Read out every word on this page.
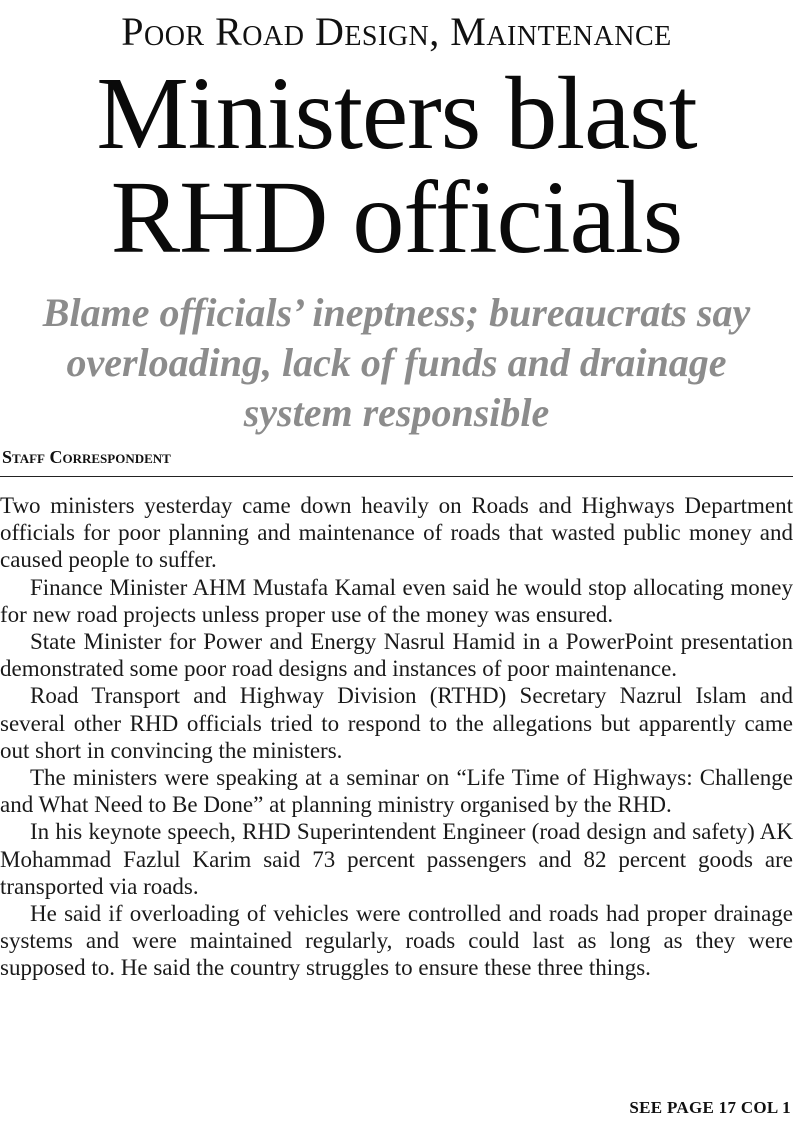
Poor Road Design, Maintenance
Ministers blast
RHD officials
Blame officials’ ineptness; bureaucrats say
overloading, lack of funds and drainage
system responsible
Staff Correspondent

Two ministers yesterday came down heavily on Roads and Highways Department officials for poor planning and maintenance of roads that wasted public money and caused people to suffer.

Finance Minister AHM Mustafa Kamal even said he would stop allocating money for new road projects unless proper use of the money was ensured.

State Minister for Power and Energy Nasrul Hamid in a PowerPoint presentation demonstrated some poor road designs and instances of poor maintenance.

Road Transport and Highway Division (RTHD) Secretary Nazrul Islam and several other RHD officials tried to respond to the allegations but apparently came out short in convincing the ministers.

The ministers were speaking at a seminar on “Life Time of Highways: Challenge and What Need to Be Done” at planning ministry organised by the RHD.

In his keynote speech, RHD Superintendent Engineer (road design and safety) AK Mohammad Fazlul Karim said 73 percent passengers and 82 percent goods are transported via roads.

He said if overloading of vehicles were controlled and roads had proper drainage systems and were maintained regularly, roads could last as long as they were supposed to. He said the country struggles to ensure these three things.

SEE PAGE 17 COL 1
